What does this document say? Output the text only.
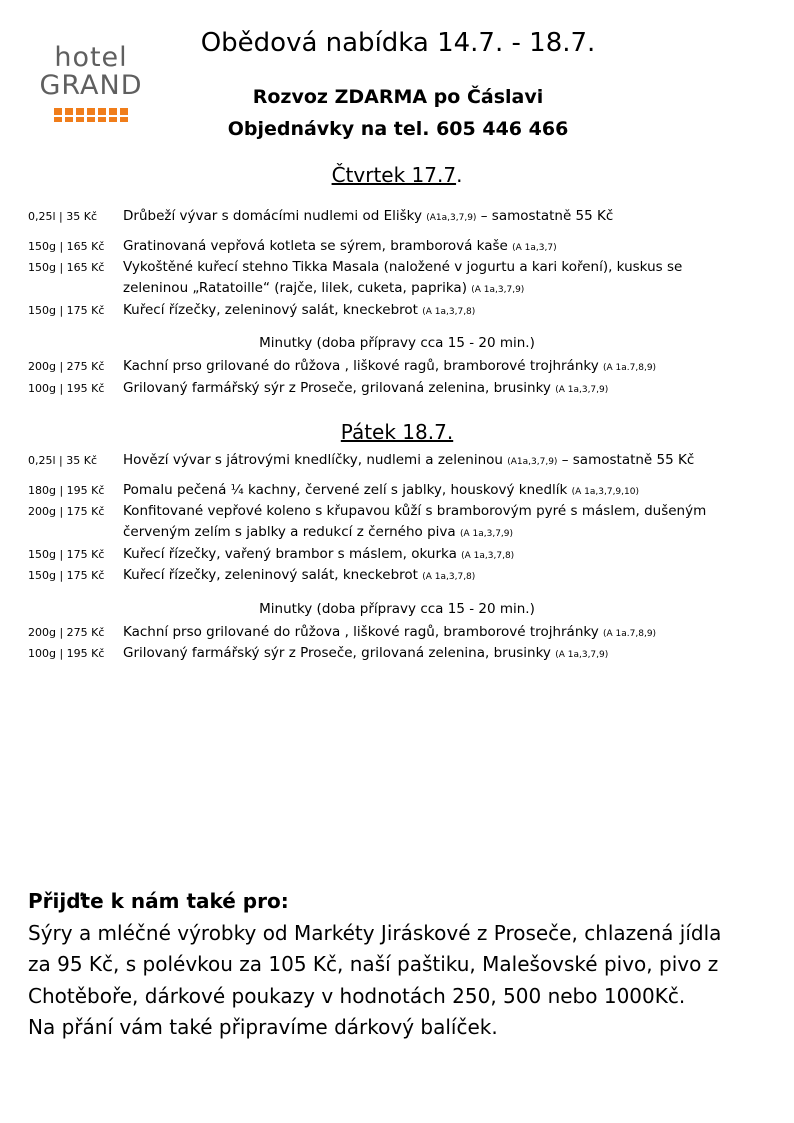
hotel
GRAND
Obědová nabídka 14.7. - 18.7.
Rozvoz ZDARMA po Čáslavi
Objednávky na tel. 605 446 466
Čtvrtek 17.7.
0,25l | 35 Kč	Drůbeží vývar s domácími nudlemi od Elišky (A1a,3,7,9) – samostatně 55 Kč
150g | 165 Kč	Gratinovaná vepřová kotleta se sýrem, bramborová kaše (A 1a,3,7)
150g | 165 Kč	Vykoštěné kuřecí stehno Tikka Masala (naložené v jogurtu a kari koření), kuskus se zeleninou „Ratatoille“ (rajče, lilek, cuketa, paprika) (A 1a,3,7,9)
150g | 175 Kč	Kuřecí řízečky, zeleninový salát, kneckebrot (A 1a,3,7,8)
Minutky (doba přípravy cca 15 - 20 min.)
200g | 275 Kč	Kachní prso grilované do růžova , liškové ragů, bramborové trojhránky (A 1a.7,8,9)
100g | 195 Kč	Grilovaný farmářský sýr z Proseče, grilovaná zelenina, brusinky (A 1a,3,7,9)
Pátek 18.7.
0,25l | 35 Kč	Hovězí vývar s játrovými knedlíčky, nudlemi a zeleninou (A1a,3,7,9) – samostatně 55 Kč
180g | 195 Kč	Pomalu pečená ¼ kachny, červené zelí s jablky, houskový knedlík (A 1a,3,7,9,10)
200g | 175 Kč	Konfitované vepřové koleno s křupavou kůží s bramborovým pyré s máslem, dušeným červeným zelím s jablky a redukcí z černého piva (A 1a,3,7,9)
150g | 175 Kč	Kuřecí řízečky, vařený brambor s máslem, okurka (A 1a,3,7,8)
150g | 175 Kč	Kuřecí řízečky, zeleninový salát, kneckebrot (A 1a,3,7,8)
Minutky (doba přípravy cca 15 - 20 min.)
200g | 275 Kč	Kachní prso grilované do růžova , liškové ragů, bramborové trojhránky (A 1a.7,8,9)
100g | 195 Kč	Grilovaný farmářský sýr z Proseče, grilovaná zelenina, brusinky (A 1a,3,7,9)
Přijďte k nám také pro:
Sýry a mléčné výrobky od Markéty Jiráskové z Proseče, chlazená jídla
za 95 Kč, s polévkou za 105 Kč, naší paštiku, Malešovské pivo, pivo z
Chotěboře, dárkové poukazy v hodnotách 250, 500 nebo 1000Kč.
Na přání vám také připravíme dárkový balíček.
